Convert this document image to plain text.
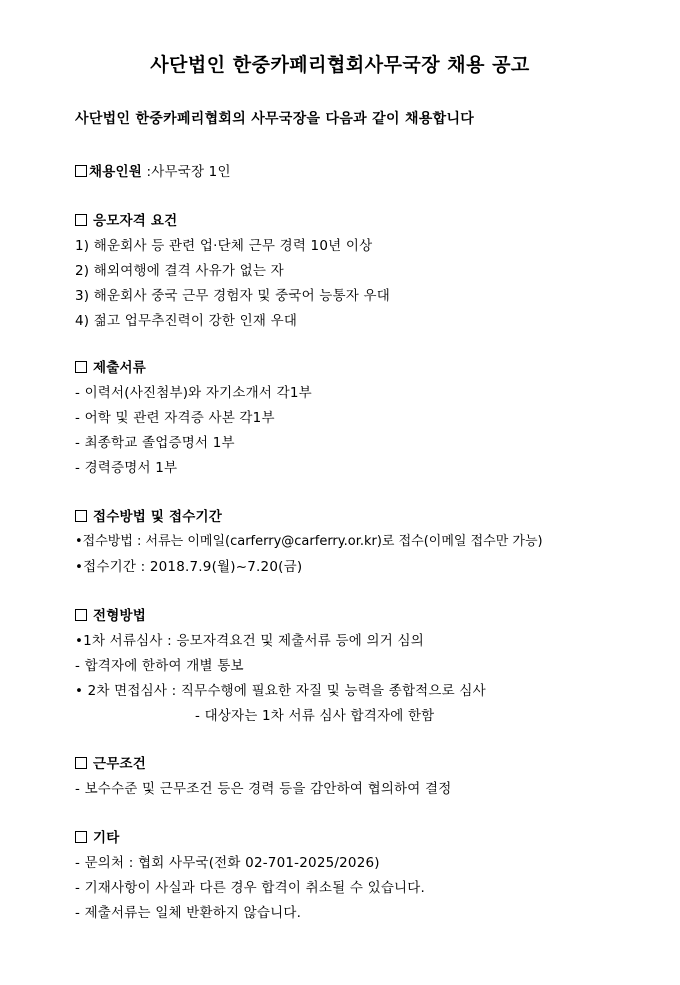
사단법인 한중카페리협회사무국장 채용 공고
사단법인 한중카페리협회의 사무국장을 다음과 같이 채용합니다
채용인원 :사무국장 1인
응모자격 요건
1) 해운회사 등 관련 업·단체 근무 경력 10년 이상
2) 해외여행에 결격 사유가 없는 자
3) 해운회사 중국 근무 경험자 및 중국어 능통자 우대
4) 젊고 업무추진력이 강한 인재 우대
제출서류
- 이력서(사진첨부)와 자기소개서 각1부
- 어학 및 관련 자격증 사본 각1부
- 최종학교 졸업증명서 1부
- 경력증명서 1부
접수방법 및 접수기간
•접수방법 : 서류는 이메일(carferry@carferry.or.kr)로 접수(이메일 접수만 가능)
•접수기간 : 2018.7.9(월)~7.20(금)
전형방법
•1차 서류심사 : 응모자격요건 및 제출서류 등에 의거 심의
- 합격자에 한하여 개별 통보
• 2차 면접심사 : 직무수행에 필요한 자질 및 능력을 종합적으로 심사
- 대상자는 1차 서류 심사 합격자에 한함
근무조건
- 보수수준 및 근무조건 등은 경력 등을 감안하여 협의하여 결정
기타
- 문의처 : 협회 사무국(전화 02-701-2025/2026)
- 기재사항이 사실과 다른 경우 합격이 취소될 수 있습니다.
- 제출서류는 일체 반환하지 않습니다.
